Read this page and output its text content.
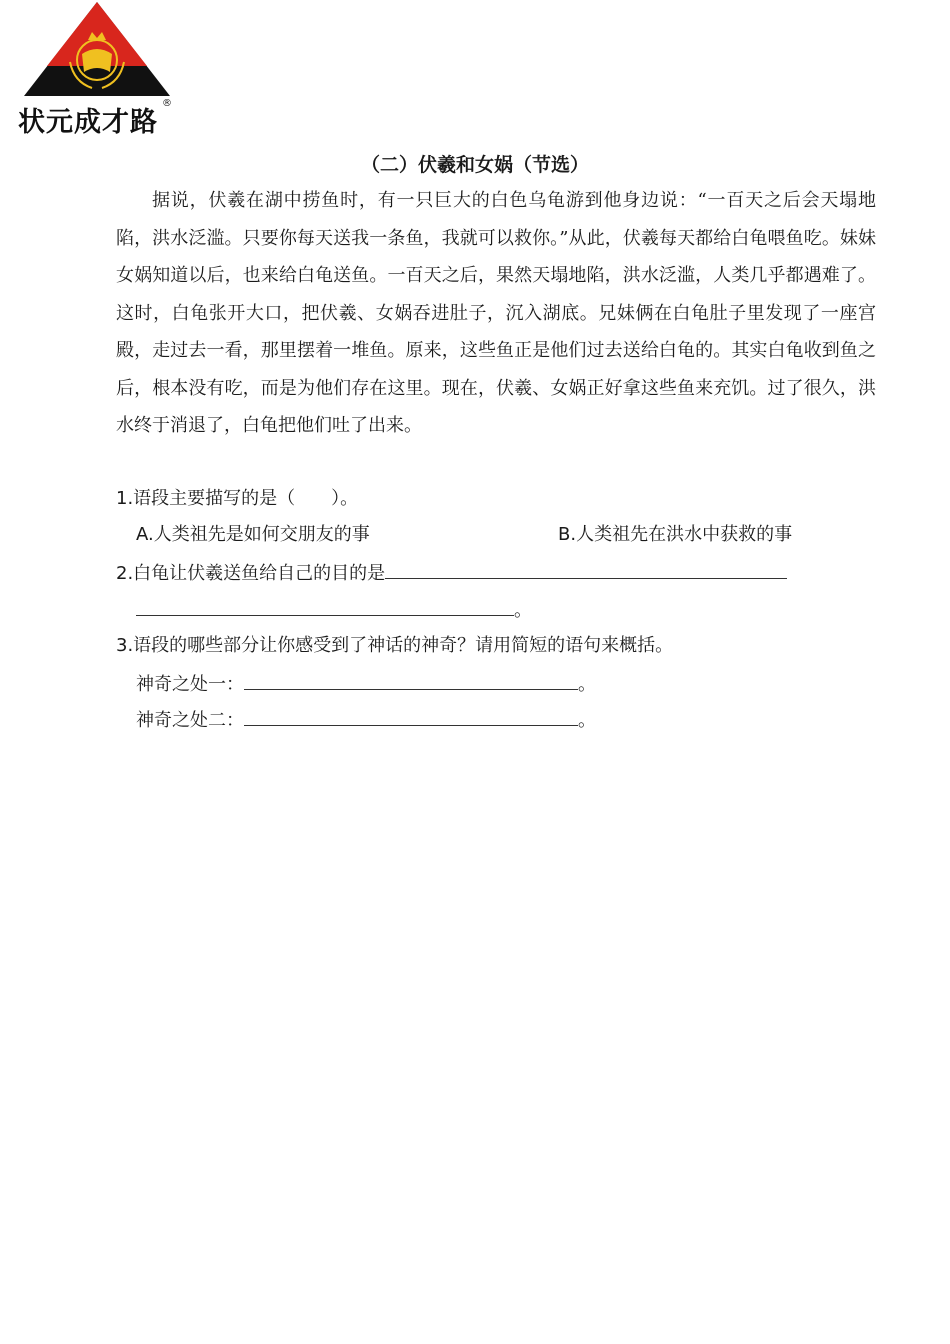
状元成才路
®
（二）伏羲和女娲（节选）

据说，伏羲在湖中捞鱼时，有一只巨大的白色乌龟游到他身边说：“一百天之后会天塌地陷，洪水泛滥。只要你每天送我一条鱼，我就可以救你。”从此，伏羲每天都给白龟喂鱼吃。妹妹女娲知道以后，也来给白龟送鱼。一百天之后，果然天塌地陷，洪水泛滥，人类几乎都遇难了。这时，白龟张开大口，把伏羲、女娲吞进肚子，沉入湖底。兄妹俩在白龟肚子里发现了一座宫殿，走过去一看，那里摆着一堆鱼。原来，这些鱼正是他们过去送给白龟的。其实白龟收到鱼之后，根本没有吃，而是为他们存在这里。现在，伏羲、女娲正好拿这些鱼来充饥。过了很久，洪水终于消退了，白龟把他们吐了出来。

1.语段主要描写的是（　　）。
A.人类祖先是如何交朋友的事	B.人类祖先在洪水中获救的事
2.白龟让伏羲送鱼给自己的目的是
。
3.语段的哪些部分让你感受到了神话的神奇？请用简短的语句来概括。
神奇之处一：	。
神奇之处二：	。
